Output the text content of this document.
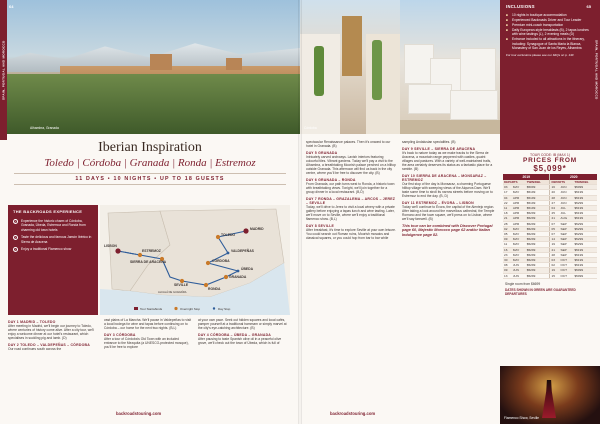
Alhambra, Granada
SPAIN, PORTUGAL AND MOROCCO
64
Iberian Inspiration
Toledo | Córdoba | Granada | Ronda | Estremoz
11 DAYS • 10 NIGHTS • UP TO 18 GUESTS
THE BACKROADS EXPERIENCE
✓	Experience the historic charm of Córdoba, Granada, Úbeda, Estremoz and Ronda from charming old town hotels
✓	Taste the delicious and famous Jamón Ibérico in Sierra de Aracena
✓	Enjoy a traditional Flamenco show
MADRID
LISBON
TOLEDO
VALDEPEÑAS
CÓRDOBA
ÚBEDA
GRANADA
RONDA
SEVILLE
SIERRA DE ARACENA
ESTREMOZ
ALCALÁ DE GUADAÍRA
Tour Starts/Ends	Overnight Stop	Day Stop
DAY 1 MADRID – TOLEDO

After meeting in Madrid, we'll begin our journey to Toledo, where centuries of history come alive. After a city tour, we'll enjoy a welcome dinner at our hotel's restaurant, which specialises in suckling pig and lamb. (D)

DAY 2 TOLEDO – VALDEPEÑAS – CÓRDOBA

Our road continues south across the

vast plains of La Mancha. We'll pause in Valdepeñas to visit a local bodega for wine and tapas before continuing on to Córdoba – our home for the next two nights. (B,L)

DAY 3 CÓRDOBA

After a tour of Córdoba's Old Town with an included entrance to the Mezquita (a UNESCO-protected mosque), you'll be free to explore

at your own pace. Seek out hidden squares and local cafés, pamper yourself at a traditional hammam or simply marvel at the city's eye-catching architecture. (B)

DAY 4 CÓRDOBA – ÚBEDA – GRANADA

After pausing to taste Spanish olive oil in a peaceful olive grove, we'll check out the town of Úbeda, which is full of

backroadstouring.com
Córdoba

spectacular Renaissance palaces. Then it's onward to our hotel in Granada. (B)

DAY 5 GRANADA

Intricately carved archways. Lavish interiors featuring colourful tiles. Vibrant gardens. Today we'll pay a visit to the Alhambra, a breathtaking Moorish palace perched on a hilltop outside Granada. This afternoon will find us back in the city centre, where you'll be free to discover the city. (B)

DAY 6 GRANADA – RONDA

From Granada, our path turns west to Ronda, a historic town with breathtaking views. Tonight, we'll join together for a group dinner in a local restaurant. (B,D)

DAY 7 RONDA – GRAZALEMA – ARCOS – JEREZ – SEVILLE

Today, we'll drive to Jerez to visit a local winery with a private gallery before enjoying a tapas lunch and wine tasting. Later, we'll move on to Seville, where we'll enjoy a traditional flamenco show. (B,L)

DAY 8 SEVILLE

After breakfast, it's time to explore Seville at your own leisure. You could search out Roman ruins, Moorish mosaics and classical squares, or you could hop from bar to bar while

sampling Andalusian specialities. (B)

DAY 9 SEVILLE – SIERRA DE ARACENA

It's back to nature today as we make tracks to the Sierra de Aracena, a mountain range peppered with castles, quaint villages and pastures. With a variety of well-maintained trails, the area certainly deserves its status as a fantastic place for a ramble. (B)

DAY 10 SIERRA DE ARACENA – MONSARAZ – ESTREMOZ

Our first stop of the day is Monsaraz, a charming Portuguese hilltop village with sweeping views of the Alqueva Dam. We'll taste some time to stroll its narrow streets before moving on to Estremoz to end the day. (B, D)

DAY 11 ESTREMOZ – ÉVORA – LISBON

Today we'll continue to Évora, the capital of the Alentejo region. After taking a look around the marvellous cathedral, the Temple Romano and the town square, we'll press on to Lisbon, where we'll say farewell. (B)

This tour can be combined with Discover Portugal page 60, Majestic Morocco page 62 and/or Italian Indulgence page 82.

backroadstouring.com
INCLUSIONS
■	10 nights in boutique accommodation
■	Experienced Backroads Driver and Tour Leader
■	Premium mini-coach transportation
■	Daily European-style breakfasts (B), 2 tapas lunches with wine tastings (L), 2 evening meals (D)
■	Entrance included to all attractions in the itinerary, including: Synagogue of Santa Maria la Blanca, Monastery of San Juan de los Reyes, Alhambra
For tour exclusions please see our FAQs on p. 140
TOUR CODE: IB (MAX 1)
PRICES FROM
$5,099*
2019			2020		
DEPARTS		TWIN/DBL	DEPARTS		TWIN/DBL
03	MAY	$5099	16	JUN	$5099
17	MAY	$5199	20	JUN	$5199
04	APR	$5199	28	JUN	$5199
22	APR	$5199	27	JUN	$5299
11	APR	$5199	04	JUL	$5199
18	APR	$5299	25	JUL	$5199
21	APR	$5299	21	AUG	$5199
28	APR	$5299	07	SEP	$5299
02	MAY	$5299	05	SEP	$5299
05	MAY	$5299	07	SEP	$5299
09	MAY	$5299	14	SEP	$5299
11	MAY	$5299	19	SEP	$5299
16	MAY	$5299	21	SEP	$5199
23	MAY	$5299	28	SEP	$5199
30	MAY	$5299	03	OCT	$5199
08	JUN	$5299	02	OCT	$5199
09	JUN	$5299	19	OCT	$5099
13	JUN	$5299	15	OCT	$5099
Single room from $6699
DATES SHOWN IN GREEN ARE GUARANTEED DEPARTURES
Flamenco Show, Seville
SPAIN, PORTUGAL AND MOROCCO
65
